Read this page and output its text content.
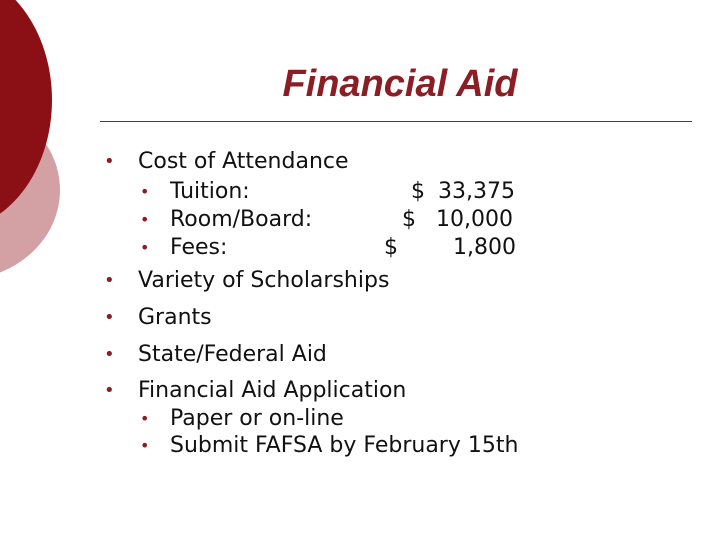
Financial Aid
• Cost of Attendance
• Tuition:	$ 33,375
• Room/Board:	$ 10,000
• Fees:	$	1,800
• Variety of Scholarships
• Grants
• State/Federal Aid
• Financial Aid Application
• Paper or on-line
• Submit FAFSA by February 15th
